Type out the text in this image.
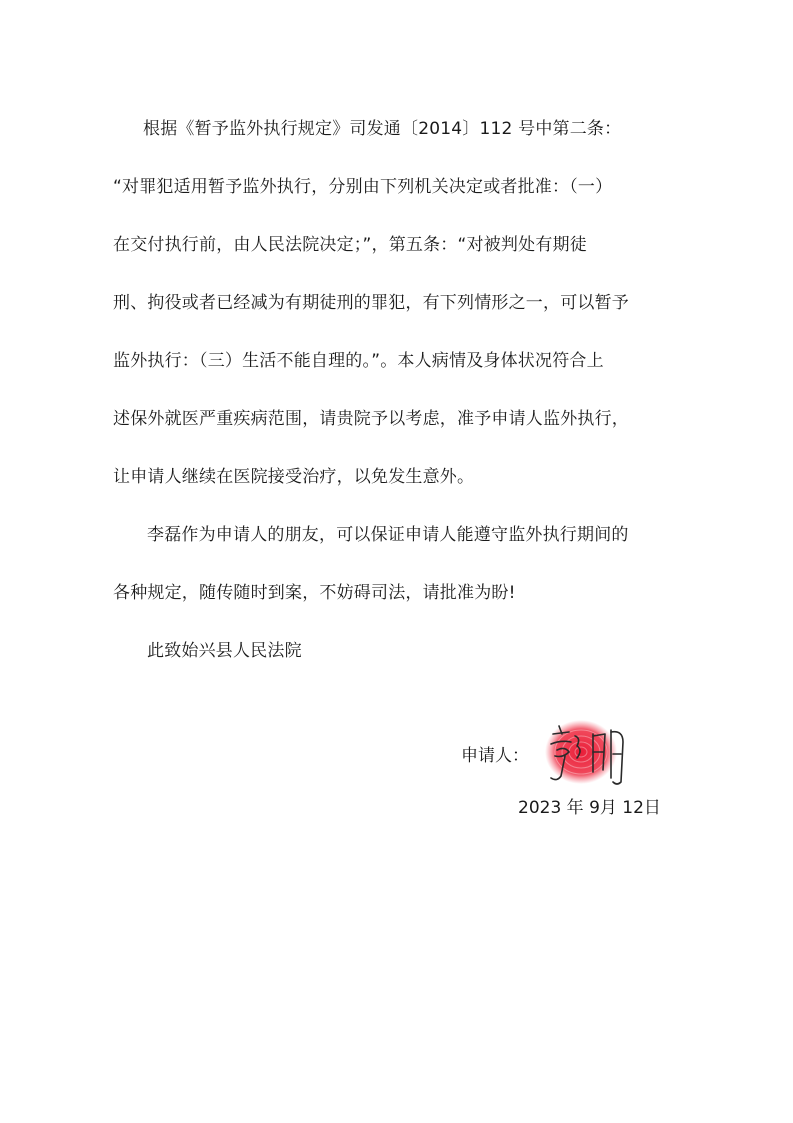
根据《暂予监外执行规定》司发通〔2014〕112 号中第二条：
“对罪犯适用暂予监外执行，分别由下列机关决定或者批准：（一）
在交付执行前，由人民法院决定；”，第五条：“对被判处有期徒
刑、拘役或者已经减为有期徒刑的罪犯，有下列情形之一，可以暂予
监外执行：（三）生活不能自理的。”。本人病情及身体状况符合上
述保外就医严重疾病范围，请贵院予以考虑，准予申请人监外执行，
让申请人继续在医院接受治疗，以免发生意外。
李磊作为申请人的朋友，可以保证申请人能遵守监外执行期间的
各种规定，随传随时到案，不妨碍司法，请批准为盼!
此致始兴县人民法院
申请人：
2023 年 9月 12日
